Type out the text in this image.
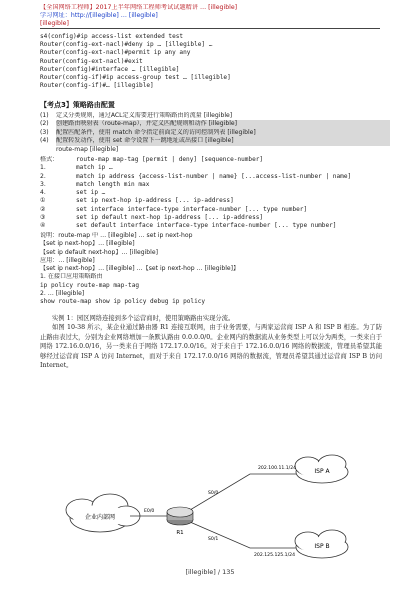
【全国网络工程师】2017上半年网络工程师考试试题精讲 … [illegible]
学习网址：http://[illegible] … [illegible]
[illegible]
s4(config)#ip access-list extended test
Router(config-ext-nacl)#deny ip … [illegible] …
Router(config-ext-nacl)#permit ip any any
Router(config-ext-nacl)#exit
Router(config)#interface … [illegible]
Router(config-if)#ip access-group test … [illegible]
Router(config-if)#… [illegible]
【考点3】策略路由配置
(1)	定义分类规则，通过ACL定义需要进行策略路由的流量 [illegible]
(2)	创建路由映射表（route-map），并定义匹配规则和动作 [illegible]
(3)	配置匹配条件，使用 match 命令指定前面定义的访问控制列表 [illegible]
(4)	配置转发动作，使用 set 命令设置下一跳地址或出接口 [illegible]
route-map [illegible]
格式：	route-map map-tag [permit | deny] [sequence-number]
1.	match ip …
2.	match ip address {access-list-number | name} [...access-list-number | name]
3.	match length min max
4.	set ip …
①	set ip next-hop ip-address [... ip-address]
②	set interface interface-type interface-number [... type number]
③	set ip default next-hop ip-address [... ip-address]
④	set default interface interface-type interface-number [... type number]
说明：route-map 中 … [illegible] … set ip next-hop
【set ip next-hop】… [illegible]
【set ip default next-hop】… [illegible]
应用：… [illegible]
【set ip next-hop】… [illegible] …【set ip next-hop … [illegible]】
1. 在接口应用策略路由
ip policy route-map map-tag
2. … [illegible]
show route-map show ip policy debug ip policy
实例 1：园区网络连接到多个运营商时，使用策略路由实现分流。
如图 10-38 所示，某企业通过路由器 R1 连接互联网，由于业务需要，与两家运营商 ISP A 和 ISP B 相连。为了防止路由表过大，分别为企业网络增加一条默认路由 0.0.0.0/0。企业网内的数据流从业务类型上可以分为两类，一类来自于网络 172.16.0.0/16，另一类来自于网络 172.17.0.0/16。对于来自于 172.16.0.0/16 网络的数据流，管理员希望其能够经过运营商 ISP A 访问 Internet，而对于来自 172.17.0.0/16 网络的数据流，管理员希望其通过运营商 ISP B 访问 Internet。
企业内部网
ISP A
ISP B
R1
202.100.11.1/24
202.125.125.1/24
S0/0
S0/1
E0/0
[illegible] / 135
